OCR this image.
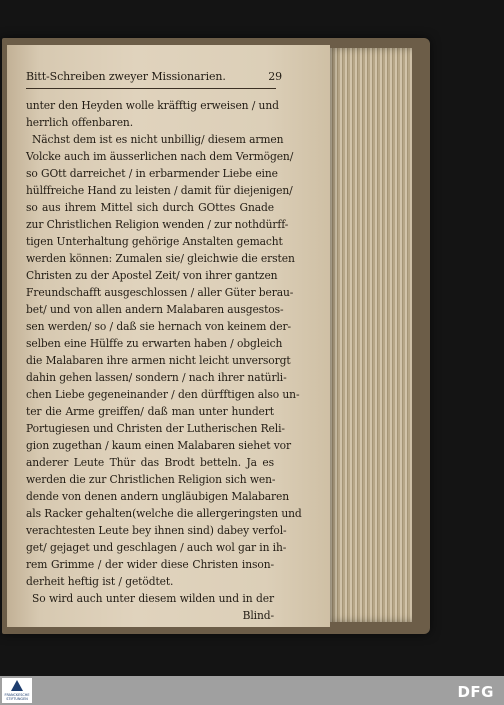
Bitt-Schreiben zweyer Missionarien.	29
unter den Heyden wolle kräfftig erweisen / und
herrlich offenbaren.
Nächst dem ist es nicht unbillig/ diesem armen
Volcke auch im äusserlichen nach dem Vermögen/
so GOtt darreichet / in erbarmender Liebe eine
hülffreiche Hand zu leisten / damit für diejenigen/
so aus ihrem Mittel sich durch GOttes Gnade
zur Christlichen Religion wenden / zur nothdürff-
tigen Unterhaltung gehörige Anstalten gemacht
werden können: Zumalen sie/ gleichwie die ersten
Christen zu der Apostel Zeit/ von ihrer gantzen
Freundschafft ausgeschlossen / aller Güter berau-
bet/ und von allen andern Malabaren ausgestos-
sen werden/ so / daß sie hernach von keinem der-
selben eine Hülffe zu erwarten haben / obgleich
die Malabaren ihre armen nicht leicht unversorgt
dahin gehen lassen/ sondern / nach ihrer natürli-
chen Liebe gegeneinander / den dürfftigen also un-
ter die Arme greiffen/ daß man unter hundert
Portugiesen und Christen der Lutherischen Reli-
gion zugethan / kaum einen Malabaren siehet vor
anderer Leute Thür das Brodt betteln. Ja es
werden die zur Christlichen Religion sich wen-
dende von denen andern ungläubigen Malabaren
als Racker gehalten(welche die allergeringsten und
verachtesten Leute bey ihnen sind) dabey verfol-
get/ gejaget und geschlagen / auch wol gar in ih-
rem Grimme / der wider diese Christen inson-
derheit heftig ist / getödtet.
So wird auch unter diesem wilden und in der
Blind-
FRANCKESCHE STIFTUNGEN	DFG
